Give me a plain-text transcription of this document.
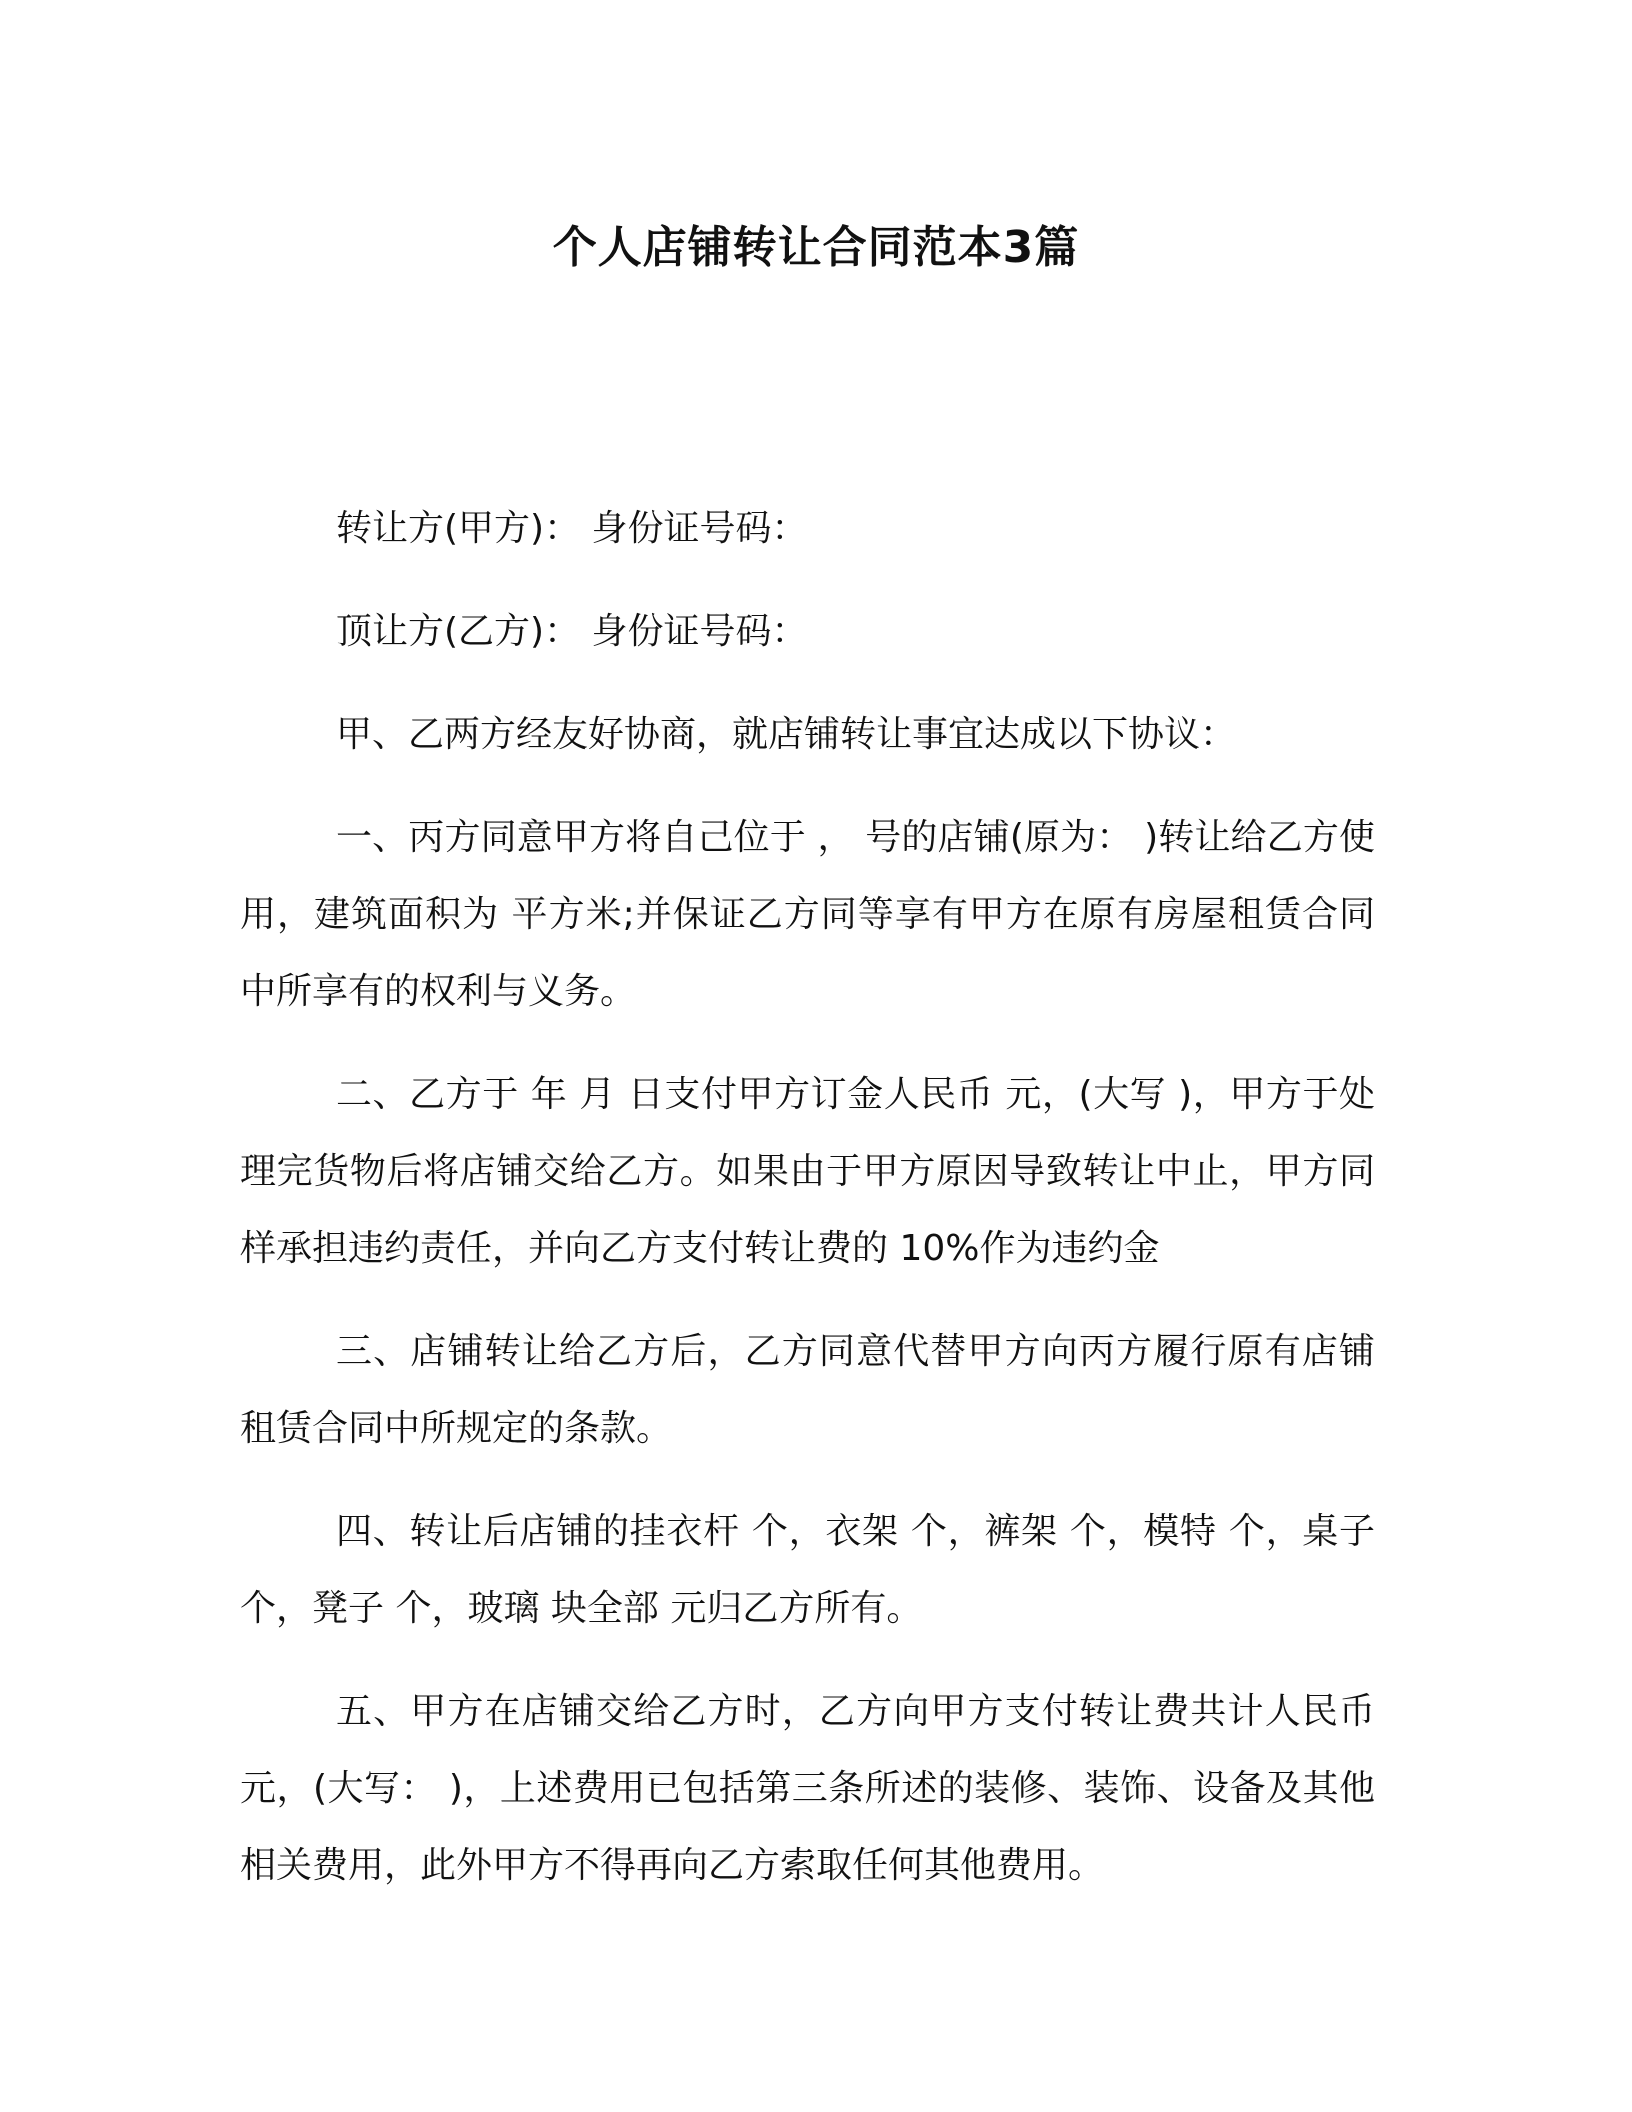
个人店铺转让合同范本3篇

转让方(甲方)： 身份证号码：

顶让方(乙方)： 身份证号码：

甲、乙两方经友好协商，就店铺转让事宜达成以下协议：

一、丙方同意甲方将自己位于 ， 号的店铺(原为： )转让给乙方使用，建筑面积为 平方米;并保证乙方同等享有甲方在原有房屋租赁合同中所享有的权利与义务。

二、乙方于 年 月 日支付甲方订金人民币 元，(大写 )，甲方于处理完货物后将店铺交给乙方。如果由于甲方原因导致转让中止，甲方同样承担违约责任，并向乙方支付转让费的 10%作为违约金

三、店铺转让给乙方后，乙方同意代替甲方向丙方履行原有店铺租赁合同中所规定的条款。

四、转让后店铺的挂衣杆 个，衣架 个，裤架 个，模特 个，桌子 个，凳子 个，玻璃 块全部 元归乙方所有。

五、甲方在店铺交给乙方时，乙方向甲方支付转让费共计人民币 元，(大写： )，上述费用已包括第三条所述的装修、装饰、设备及其他相关费用，此外甲方不得再向乙方索取任何其他费用。
